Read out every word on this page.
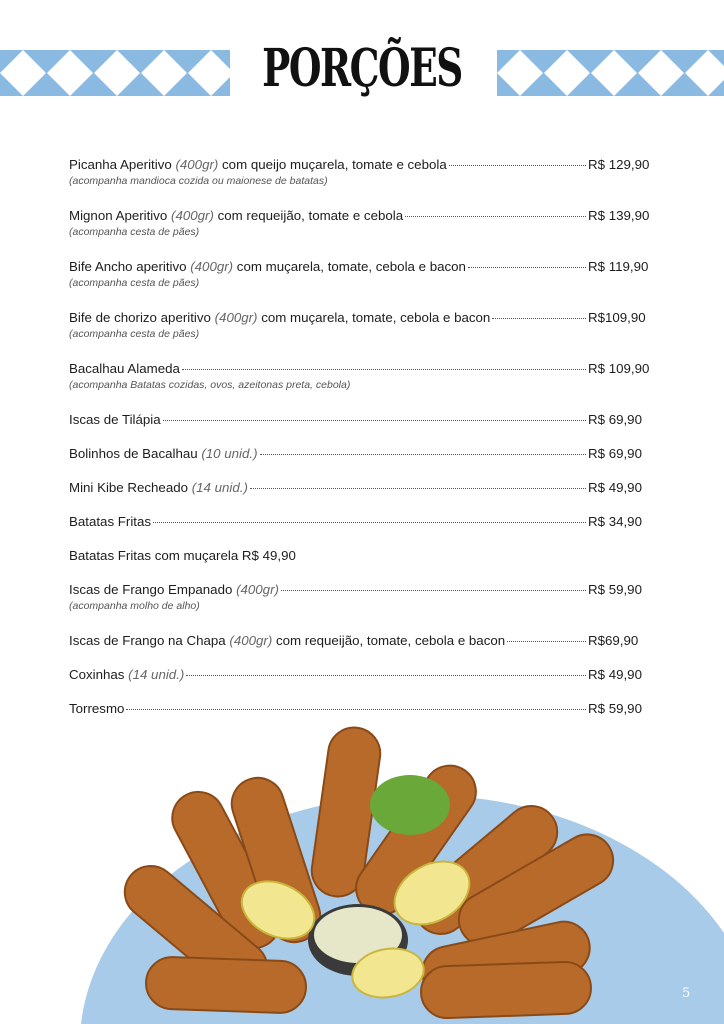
PORÇÕES
Picanha Aperitivo (400gr) com queijo muçarela, tomate e cebola	R$ 129,90
(acompanha mandioca cozida ou maionese de batatas)
Mignon Aperitivo (400gr) com requeijão, tomate e cebola	R$ 139,90
(acompanha cesta de pães)
Bife Ancho aperitivo (400gr) com muçarela, tomate, cebola e bacon	R$ 119,90
(acompanha cesta de pães)
Bife de chorizo aperitivo (400gr) com muçarela, tomate, cebola e bacon	R$109,90
(acompanha cesta de pães)
Bacalhau Alameda	R$ 109,90
(acompanha Batatas cozidas, ovos, azeitonas preta, cebola)
Iscas de Tilápia	R$ 69,90
Bolinhos de Bacalhau (10 unid.)	R$ 69,90
Mini Kibe Recheado (14 unid.)	R$ 49,90
Batatas Fritas	R$ 34,90
Batatas Fritas com muçarela R$ 49,90
Iscas de Frango Empanado (400gr)	R$ 59,90
(acompanha molho de alho)
Iscas de Frango na Chapa (400gr) com requeijão, tomate, cebola e bacon	R$69,90
Coxinhas (14 unid.)	R$ 49,90
Torresmo	R$ 59,90
5
